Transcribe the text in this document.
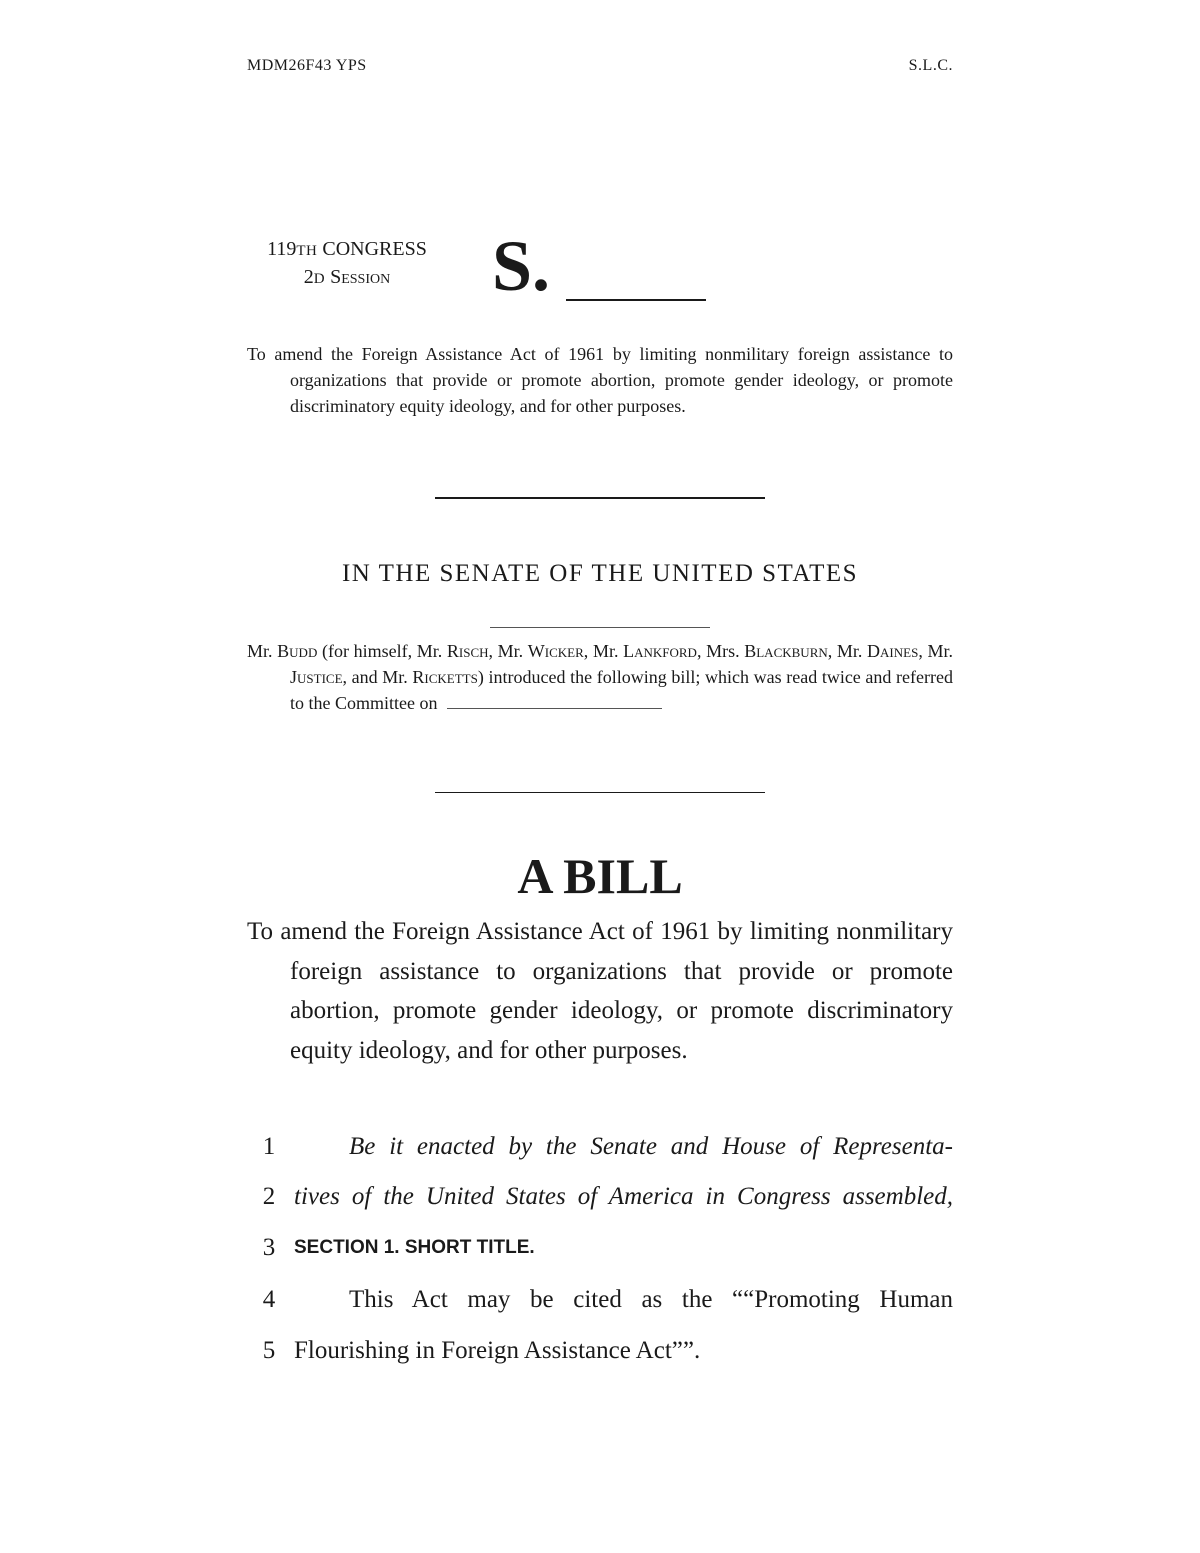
MDM26F43 YPS	S.L.C.
119TH CONGRESS
2D Session	S.
To amend the Foreign Assistance Act of 1961 by limiting nonmilitary foreign assistance to organizations that provide or promote abortion, promote gender ideology, or promote discriminatory equity ideology, and for other purposes.
IN THE SENATE OF THE UNITED STATES
Mr. Budd (for himself, Mr. Risch, Mr. Wicker, Mr. Lankford, Mrs. Blackburn, Mr. Daines, Mr. Justice, and Mr. Ricketts) introduced the following bill; which was read twice and referred to the Committee on
A BILL
To amend the Foreign Assistance Act of 1961 by limiting nonmilitary foreign assistance to organizations that provide or promote abortion, promote gender ideology, or promote discriminatory equity ideology, and for other purposes.
1	Be it enacted by the Senate and House of Representa-
2 tives of the United States of America in Congress assembled,
3 SECTION 1. SHORT TITLE.
4	This Act may be cited as the ““Promoting Human
5 Flourishing in Foreign Assistance Act””.
